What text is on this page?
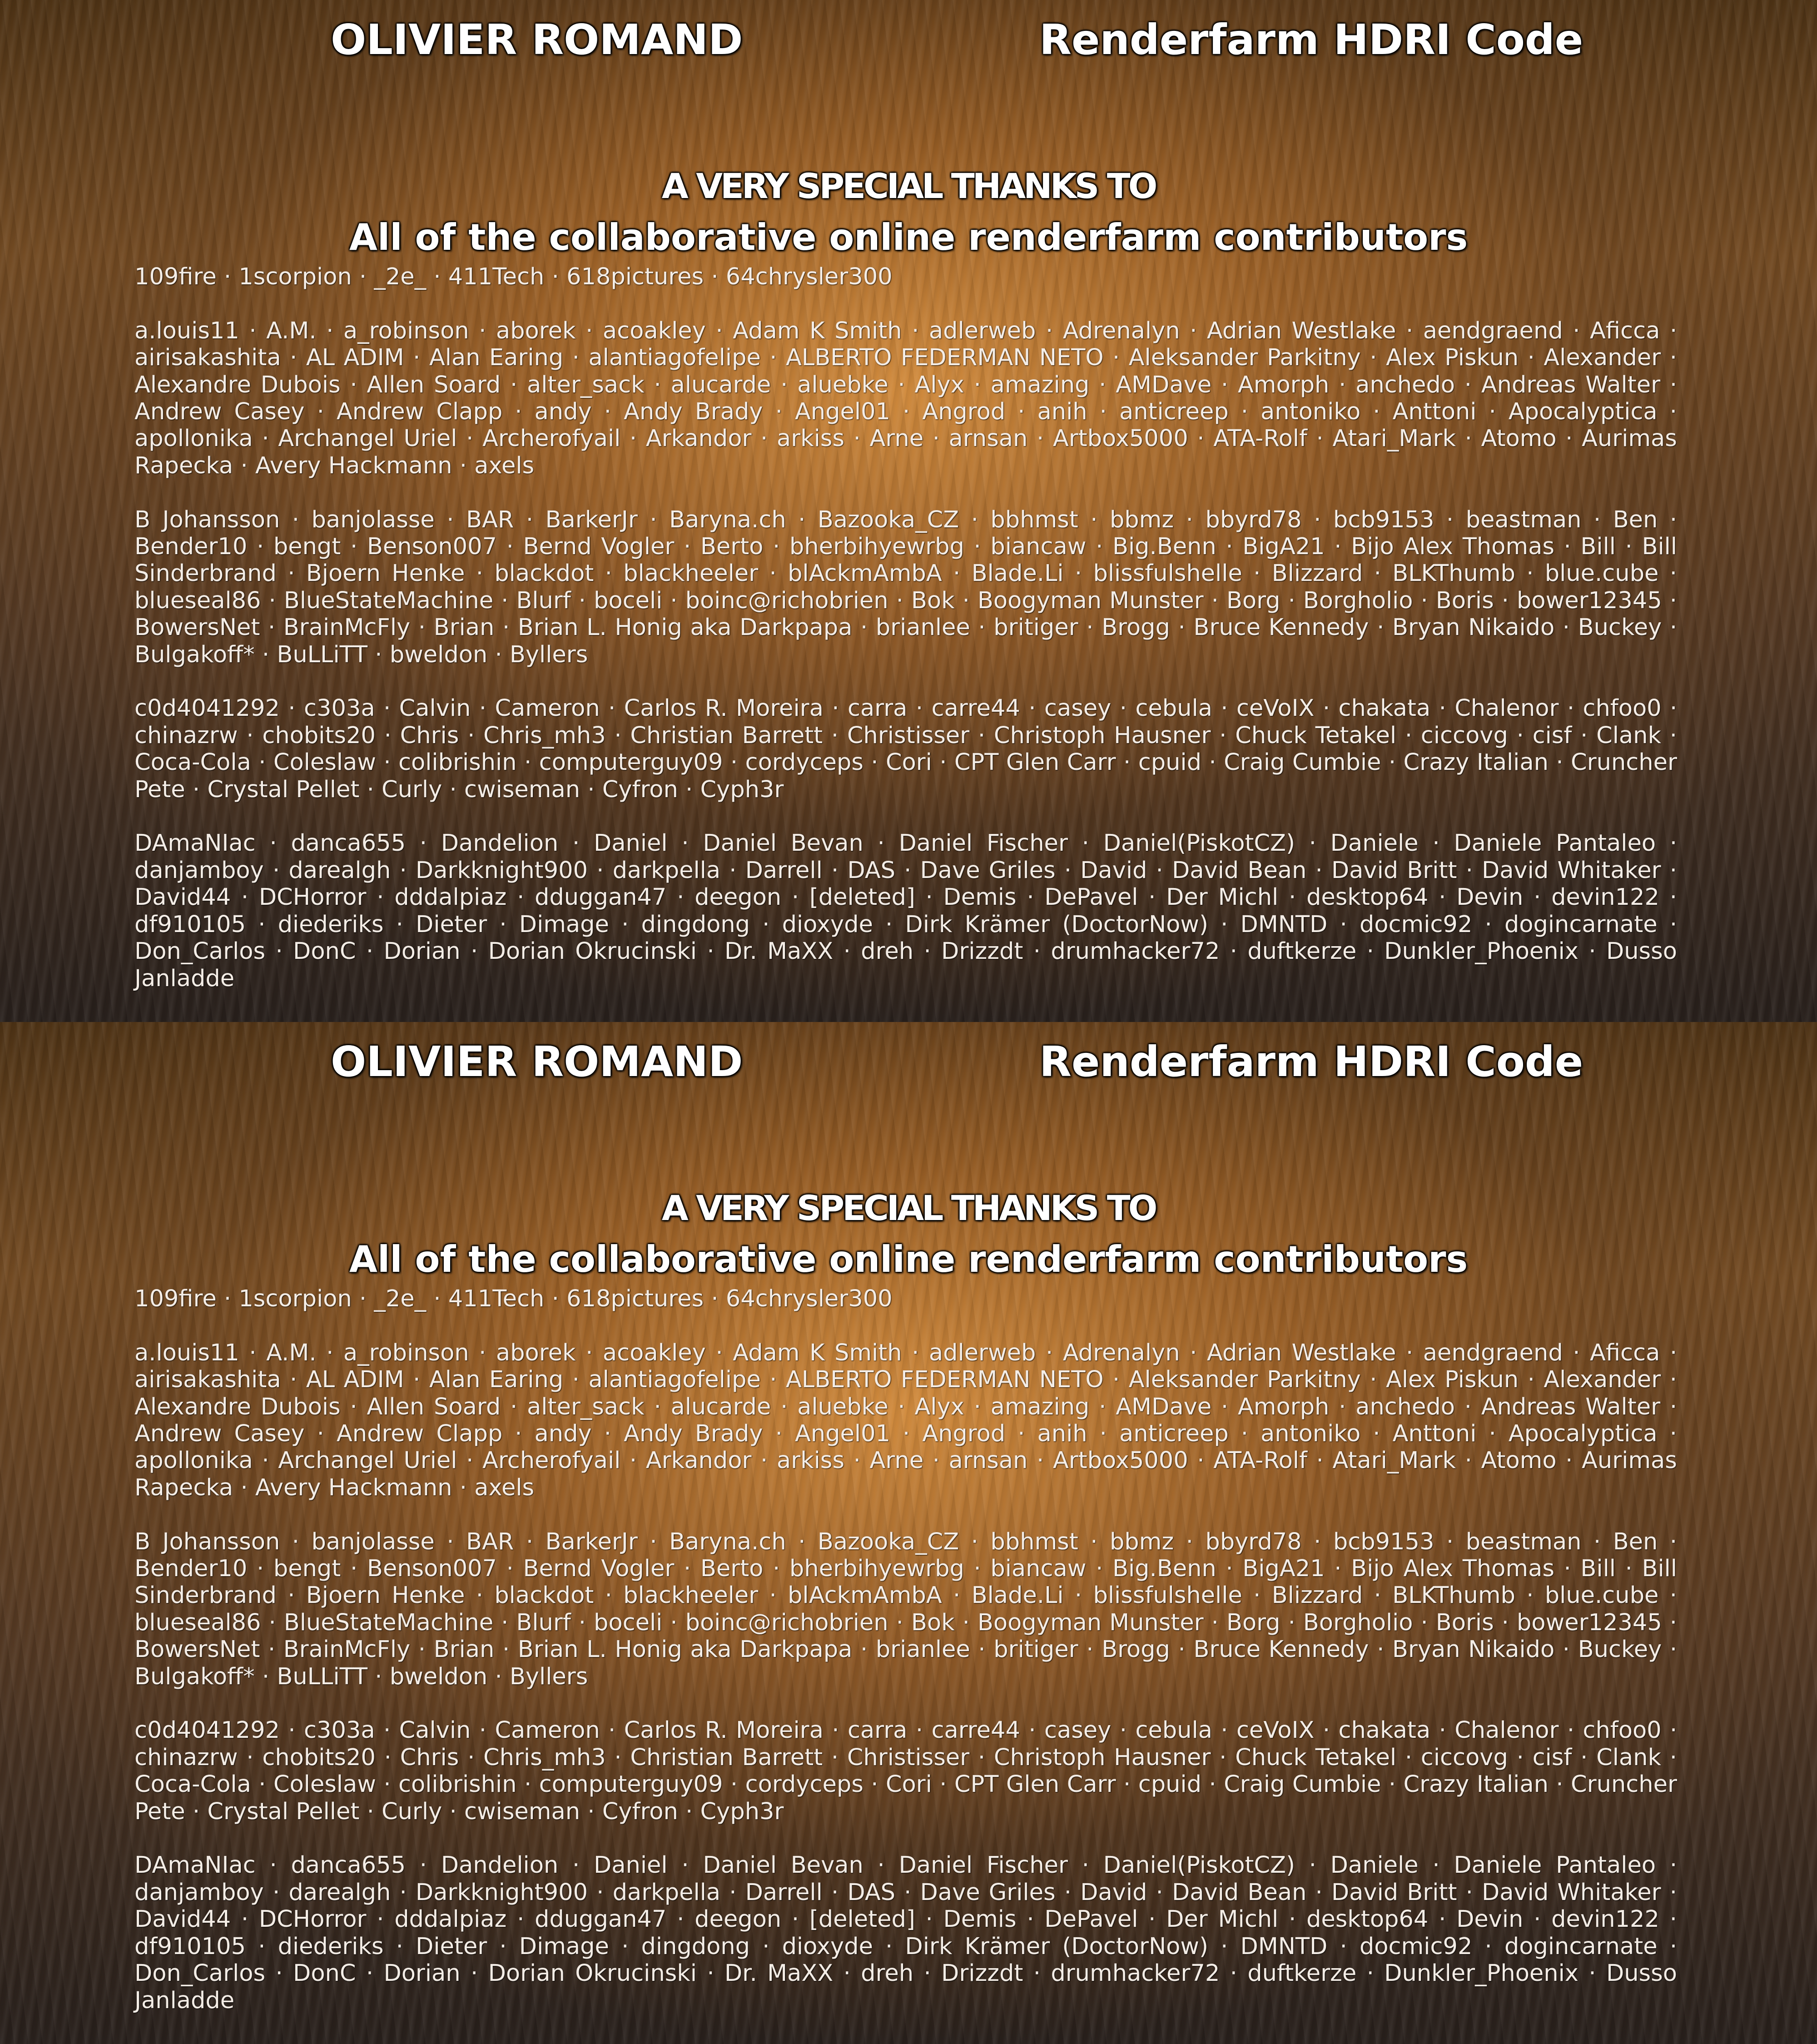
OLIVIER ROMAND	Renderfarm HDRI Code
A VERY SPECIAL THANKS TO
All of the collaborative online renderfarm contributors

109fire · 1scorpion · _2e_ · 411Tech · 618pictures · 64chrysler300

a.louis11 · A.M. · a_robinson · aborek · acoakley · Adam K Smith · adlerweb · Adrenalyn · Adrian Westlake · aendgraend · Aficca · airisakashita · AL ADIM · Alan Earing · alantiagofelipe · ALBERTO FEDERMAN NETO · Aleksander Parkitny · Alex Piskun · Alexander · Alexandre Dubois · Allen Soard · alter_sack · alucarde · aluebke · Alyx · amazing · AMDave · Amorph · anchedo · Andreas Walter · Andrew Casey · Andrew Clapp · andy · Andy Brady · Angel01 · Angrod · anih · anticreep · antoniko · Anttoni · Apocalyptica · apollonika · Archangel Uriel · Archerofyail · Arkandor · arkiss · Arne · arnsan · Artbox5000 · ATA-Rolf · Atari_Mark · Atomo · Aurimas Rapecka · Avery Hackmann · axels

B Johansson · banjolasse · BAR · BarkerJr · Baryna.ch · Bazooka_CZ · bbhmst · bbmz · bbyrd78 · bcb9153 · beastman · Ben · Bender10 · bengt · Benson007 · Bernd Vogler · Berto · bherbihyewrbg · biancaw · Big.Benn · BigA21 · Bijo Alex Thomas · Bill · Bill Sinderbrand · Bjoern Henke · blackdot · blackheeler · blAckmAmbA · Blade.Li · blissfulshelle · Blizzard · BLKThumb · blue.cube · blueseal86 · BlueStateMachine · Blurf · boceli · boinc@richobrien · Bok · Boogyman Munster · Borg · Borgholio · Boris · bower12345 · BowersNet · BrainMcFly · Brian · Brian L. Honig aka Darkpapa · brianlee · britiger · Brogg · Bruce Kennedy · Bryan Nikaido · Buckey · Bulgakoff* · BuLLiTT · bweldon · Byllers

c0d4041292 · c303a · Calvin · Cameron · Carlos R. Moreira · carra · carre44 · casey · cebula · ceVoIX · chakata · Chalenor · chfoo0 · chinazrw · chobits20 · Chris · Chris_mh3 · Christian Barrett · Christisser · Christoph Hausner · Chuck Tetakel · ciccovg · cisf · Clank · Coca-Cola · Coleslaw · colibrishin · computerguy09 · cordyceps · Cori · CPT Glen Carr · cpuid · Craig Cumbie · Crazy Italian · Cruncher Pete · Crystal Pellet · Curly · cwiseman · Cyfron · Cyph3r

DAmaNIac · danca655 · Dandelion · Daniel · Daniel Bevan · Daniel Fischer · Daniel(PiskotCZ) · Daniele · Daniele Pantaleo · danjamboy · darealgh · Darkknight900 · darkpella · Darrell · DAS · Dave Griles · David · David Bean · David Britt · David Whitaker · David44 · DCHorror · dddalpiaz · dduggan47 · deegon · [deleted] · Demis · DePavel · Der Michl · desktop64 · Devin · devin122 · df910105 · diederiks · Dieter · Dimage · dingdong · dioxyde · Dirk Krämer (DoctorNow) · DMNTD · docmic92 · dogincarnate · Don_Carlos · DonC · Dorian · Dorian Okrucinski · Dr. MaXX · dreh · Drizzdt · drumhacker72 · duftkerze · Dunkler_Phoenix · Dusso Janladde

OLIVIER ROMAND	Renderfarm HDRI Code
A VERY SPECIAL THANKS TO
All of the collaborative online renderfarm contributors

109fire · 1scorpion · _2e_ · 411Tech · 618pictures · 64chrysler300

a.louis11 · A.M. · a_robinson · aborek · acoakley · Adam K Smith · adlerweb · Adrenalyn · Adrian Westlake · aendgraend · Aficca · airisakashita · AL ADIM · Alan Earing · alantiagofelipe · ALBERTO FEDERMAN NETO · Aleksander Parkitny · Alex Piskun · Alexander · Alexandre Dubois · Allen Soard · alter_sack · alucarde · aluebke · Alyx · amazing · AMDave · Amorph · anchedo · Andreas Walter · Andrew Casey · Andrew Clapp · andy · Andy Brady · Angel01 · Angrod · anih · anticreep · antoniko · Anttoni · Apocalyptica · apollonika · Archangel Uriel · Archerofyail · Arkandor · arkiss · Arne · arnsan · Artbox5000 · ATA-Rolf · Atari_Mark · Atomo · Aurimas Rapecka · Avery Hackmann · axels

B Johansson · banjolasse · BAR · BarkerJr · Baryna.ch · Bazooka_CZ · bbhmst · bbmz · bbyrd78 · bcb9153 · beastman · Ben · Bender10 · bengt · Benson007 · Bernd Vogler · Berto · bherbihyewrbg · biancaw · Big.Benn · BigA21 · Bijo Alex Thomas · Bill · Bill Sinderbrand · Bjoern Henke · blackdot · blackheeler · blAckmAmbA · Blade.Li · blissfulshelle · Blizzard · BLKThumb · blue.cube · blueseal86 · BlueStateMachine · Blurf · boceli · boinc@richobrien · Bok · Boogyman Munster · Borg · Borgholio · Boris · bower12345 · BowersNet · BrainMcFly · Brian · Brian L. Honig aka Darkpapa · brianlee · britiger · Brogg · Bruce Kennedy · Bryan Nikaido · Buckey · Bulgakoff* · BuLLiTT · bweldon · Byllers

c0d4041292 · c303a · Calvin · Cameron · Carlos R. Moreira · carra · carre44 · casey · cebula · ceVoIX · chakata · Chalenor · chfoo0 · chinazrw · chobits20 · Chris · Chris_mh3 · Christian Barrett · Christisser · Christoph Hausner · Chuck Tetakel · ciccovg · cisf · Clank · Coca-Cola · Coleslaw · colibrishin · computerguy09 · cordyceps · Cori · CPT Glen Carr · cpuid · Craig Cumbie · Crazy Italian · Cruncher Pete · Crystal Pellet · Curly · cwiseman · Cyfron · Cyph3r

DAmaNIac · danca655 · Dandelion · Daniel · Daniel Bevan · Daniel Fischer · Daniel(PiskotCZ) · Daniele · Daniele Pantaleo · danjamboy · darealgh · Darkknight900 · darkpella · Darrell · DAS · Dave Griles · David · David Bean · David Britt · David Whitaker · David44 · DCHorror · dddalpiaz · dduggan47 · deegon · [deleted] · Demis · DePavel · Der Michl · desktop64 · Devin · devin122 · df910105 · diederiks · Dieter · Dimage · dingdong · dioxyde · Dirk Krämer (DoctorNow) · DMNTD · docmic92 · dogincarnate · Don_Carlos · DonC · Dorian · Dorian Okrucinski · Dr. MaXX · dreh · Drizzdt · drumhacker72 · duftkerze · Dunkler_Phoenix · Dusso Janladde
